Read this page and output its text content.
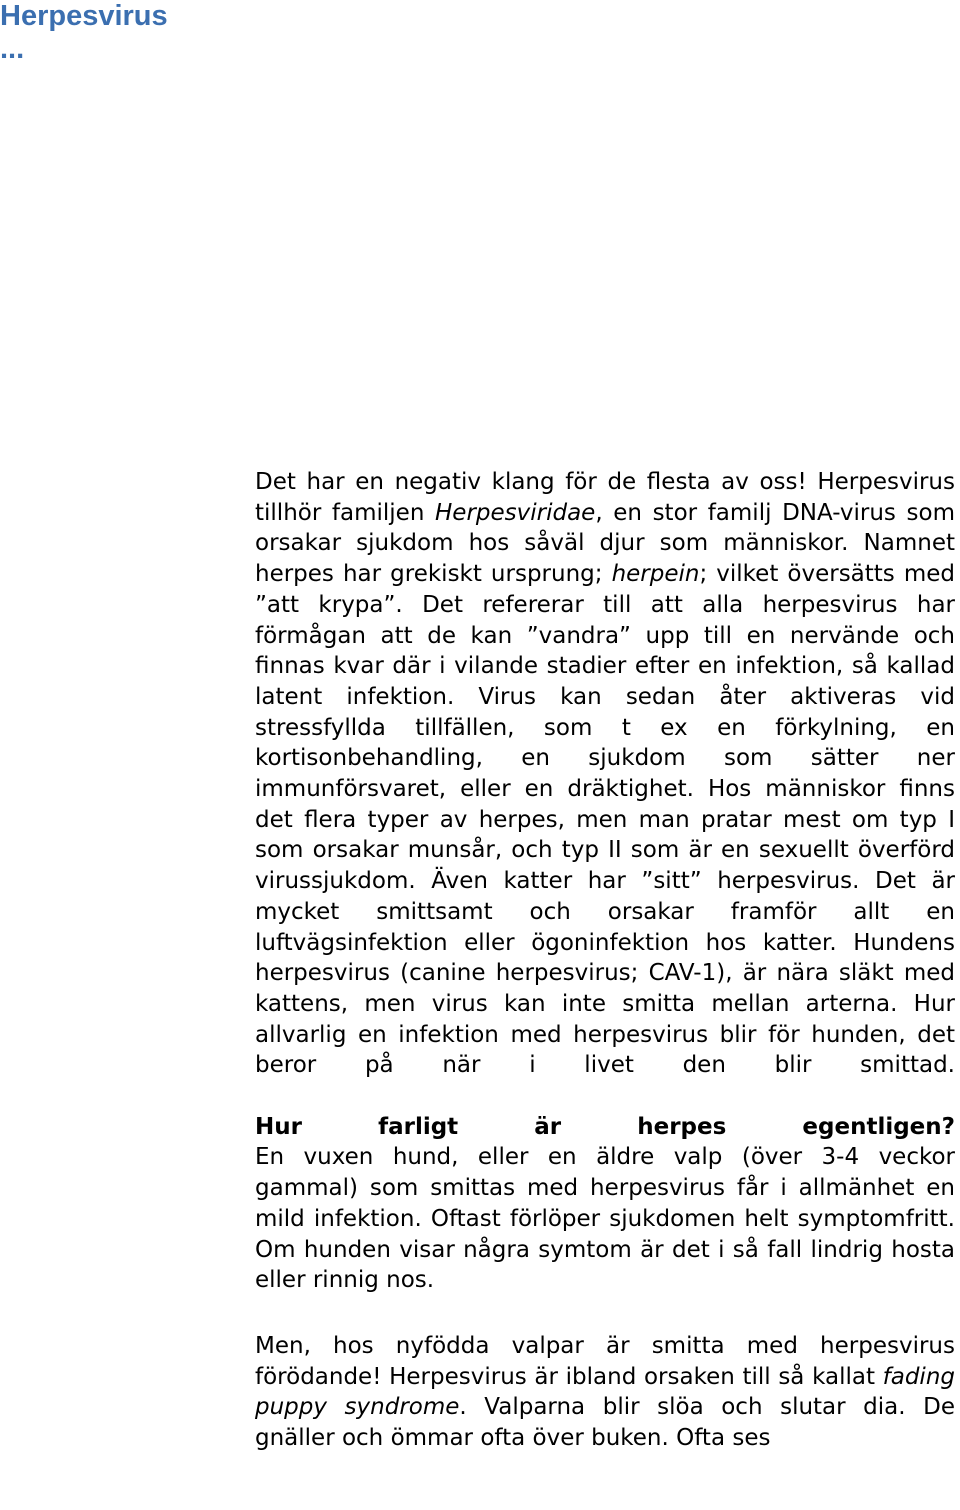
Herpesvirus
...

Det har en negativ klang för de flesta av oss! Herpesvirus tillhör familjen Herpesviridae, en stor familj DNA-virus som orsakar sjukdom hos såväl djur som människor. Namnet herpes har grekiskt ursprung; herpein; vilket översätts med ”att krypa”. Det refererar till att alla herpesvirus har förmågan att de kan ”vandra” upp till en nervände och finnas kvar där i vilande stadier efter en infektion, så kallad latent infektion. Virus kan sedan åter aktiveras vid stressfyllda tillfällen, som t ex en förkylning, en kortisonbehandling, en sjukdom som sätter ner immunförsvaret, eller en dräktighet. Hos människor finns det flera typer av herpes, men man pratar mest om typ I som orsakar munsår, och typ II som är en sexuellt överförd virussjukdom. Även katter har ”sitt” herpesvirus. Det är mycket smittsamt och orsakar framför allt en luftvägsinfektion eller ögoninfektion hos katter. Hundens herpesvirus (canine herpesvirus; CAV-1), är nära släkt med kattens, men virus kan inte smitta mellan arterna. Hur allvarlig en infektion med herpesvirus blir för hunden, det beror på när i livet den blir smittad.

Hur farligt är herpes egentligen?

En vuxen hund, eller en äldre valp (över 3-4 veckor gammal) som smittas med herpesvirus får i allmänhet en mild infektion. Oftast förlöper sjukdomen helt symptomfritt. Om hunden visar några symtom är det i så fall lindrig hosta eller rinnig nos.

Men, hos nyfödda valpar är smitta med herpesvirus förödande! Herpesvirus är ibland orsaken till så kallat fading puppy syndrome. Valparna blir slöa och slutar dia. De gnäller och ömmar ofta över buken. Ofta ses
